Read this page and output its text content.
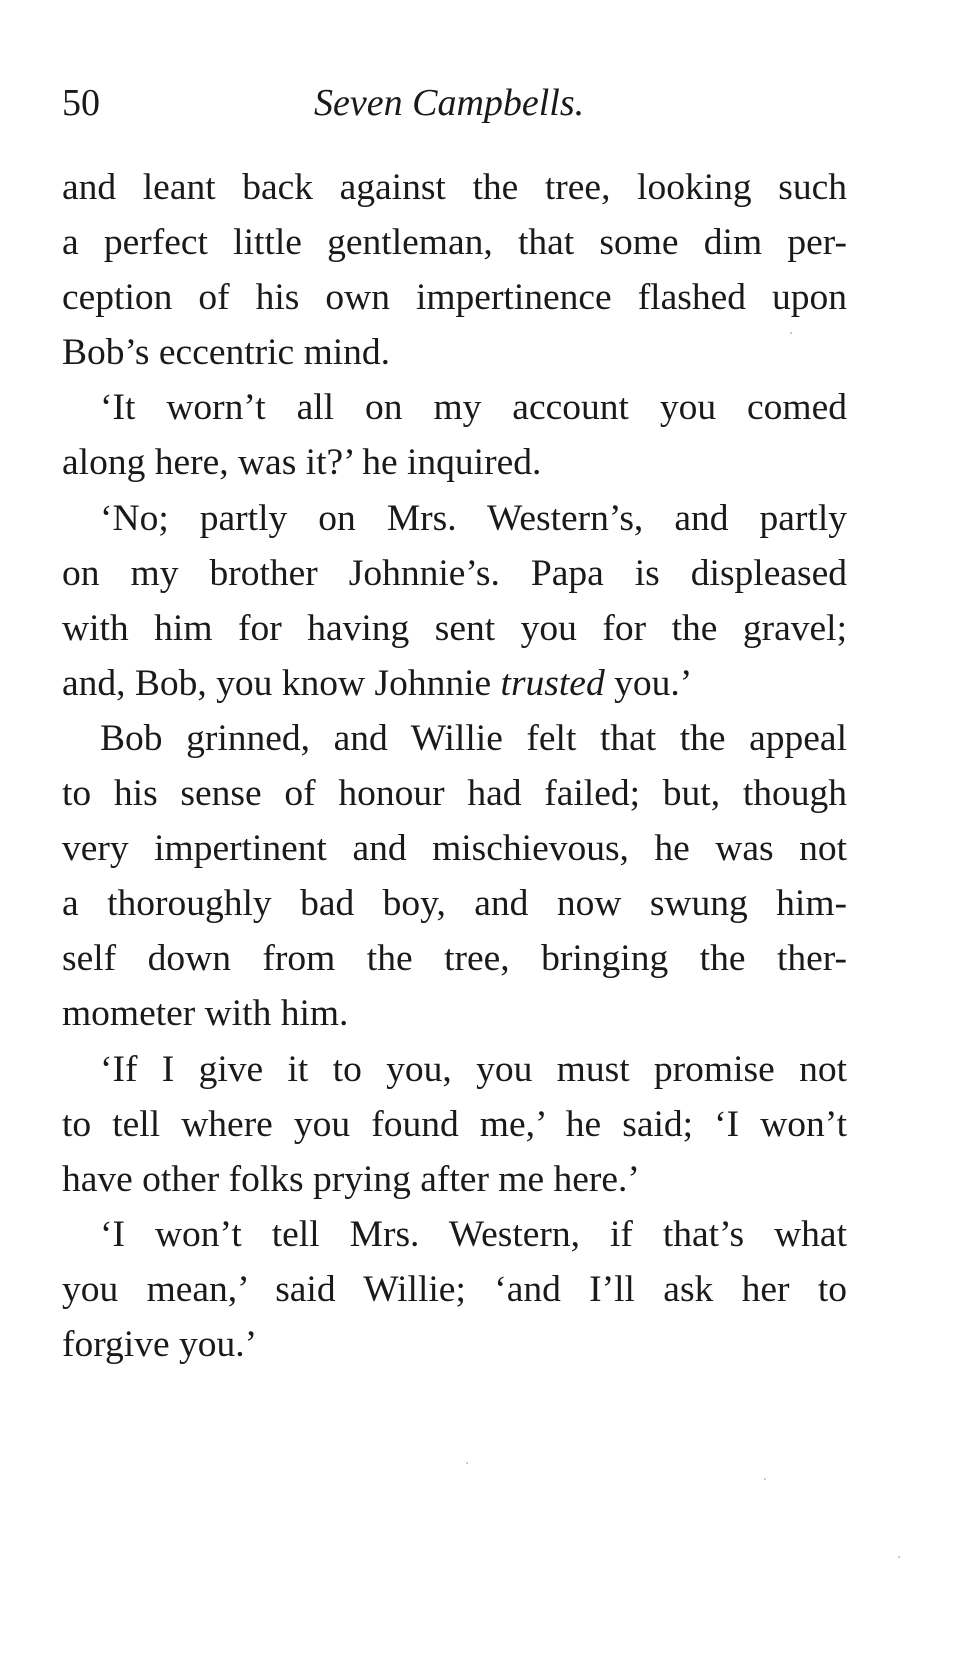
50	Seven Campbells.
and leant back against the tree, looking such
a perfect little gentleman, that some dim per-
ception of his own impertinence flashed upon
Bob’s eccentric mind.
‘It worn’t all on my account you comed
along here, was it?’ he inquired.
‘No; partly on Mrs. Western’s, and partly
on my brother Johnnie’s. Papa is displeased
with him for having sent you for the gravel;
and, Bob, you know Johnnie trusted you.’
Bob grinned, and Willie felt that the appeal
to his sense of honour had failed; but, though
very impertinent and mischievous, he was not
a thoroughly bad boy, and now swung him-
self down from the tree, bringing the ther-
mometer with him.
‘If I give it to you, you must promise not
to tell where you found me,’ he said; ‘I won’t
have other folks prying after me here.’
‘I won’t tell Mrs. Western, if that’s what
you mean,’ said Willie; ‘and I’ll ask her to
forgive you.’
